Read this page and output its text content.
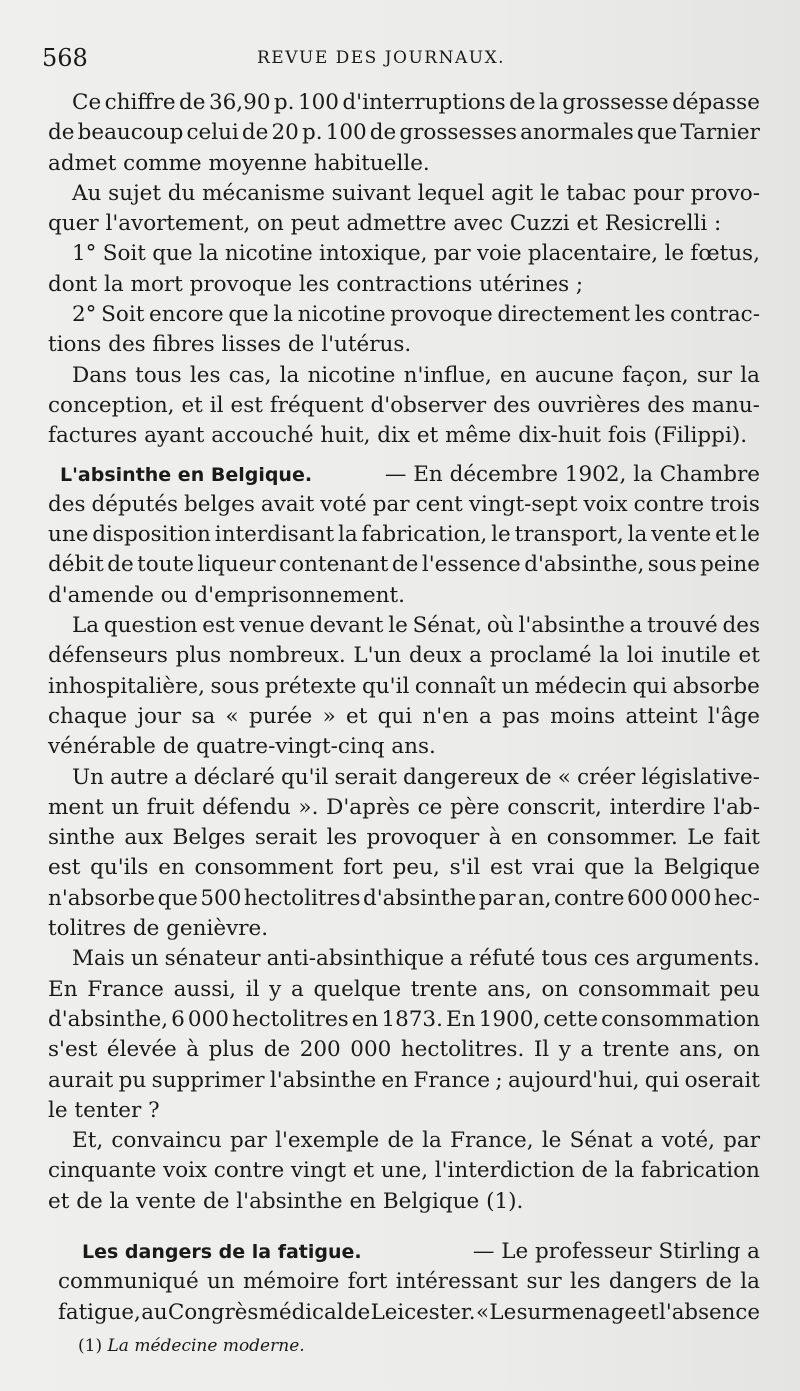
568	REVUE DES JOURNAUX.

Ce chiffre de 36,90 p. 100 d'interruptions de la grossesse dépasse

de beaucoup celui de 20 p. 100 de grossesses anormales que Tarnier

admet comme moyenne habituelle.

Au sujet du mécanisme suivant lequel agit le tabac pour provo-

quer l'avortement, on peut admettre avec Cuzzi et Resicrelli :

1° Soit que la nicotine intoxique, par voie placentaire, le fœtus,

dont la mort provoque les contractions utérines ;

2° Soit encore que la nicotine provoque directement les contrac-

tions des fibres lisses de l'utérus.

Dans tous les cas, la nicotine n'influe, en aucune façon, sur la

conception, et il est fréquent d'observer des ouvrières des manu-

factures ayant accouché huit, dix et même dix-huit fois (Filippi).

L'absinthe en Belgique.	— En décembre 1902, la Chambre

des députés belges avait voté par cent vingt-sept voix contre trois

une disposition interdisant la fabrication, le transport, la vente et le

débit de toute liqueur contenant de l'essence d'absinthe, sous peine

d'amende ou d'emprisonnement.

La question est venue devant le Sénat, où l'absinthe a trouvé des

défenseurs plus nombreux. L'un deux a proclamé la loi inutile et

inhospitalière, sous prétexte qu'il connaît un médecin qui absorbe

chaque jour sa « purée » et qui n'en a pas moins atteint l'âge

vénérable de quatre-vingt-cinq ans.

Un autre a déclaré qu'il serait dangereux de « créer législative-

ment un fruit défendu ». D'après ce père conscrit, interdire l'ab-

sinthe aux Belges serait les provoquer à en consommer. Le fait

est qu'ils en consomment fort peu, s'il est vrai que la Belgique

n'absorbe que 500 hectolitres d'absinthe par an, contre 600 000 hec-

tolitres de genièvre.

Mais un sénateur anti-absinthique a réfuté tous ces arguments.

En France aussi, il y a quelque trente ans, on consommait peu

d'absinthe, 6 000 hectolitres en 1873. En 1900, cette consommation

s'est élevée à plus de 200 000 hectolitres. Il y a trente ans, on

aurait pu supprimer l'absinthe en France ; aujourd'hui, qui oserait

le tenter ?

Et, convaincu par l'exemple de la France, le Sénat a voté, par

cinquante voix contre vingt et une, l'interdiction de la fabrication

et de la vente de l'absinthe en Belgique (1).

Les dangers de la fatigue.	— Le professeur Stirling a

communiqué un mémoire fort intéressant sur les dangers de la

fatigue, au Congrès médical de Leicester. « Le surmenage et l'absence

(1) La médecine moderne.
